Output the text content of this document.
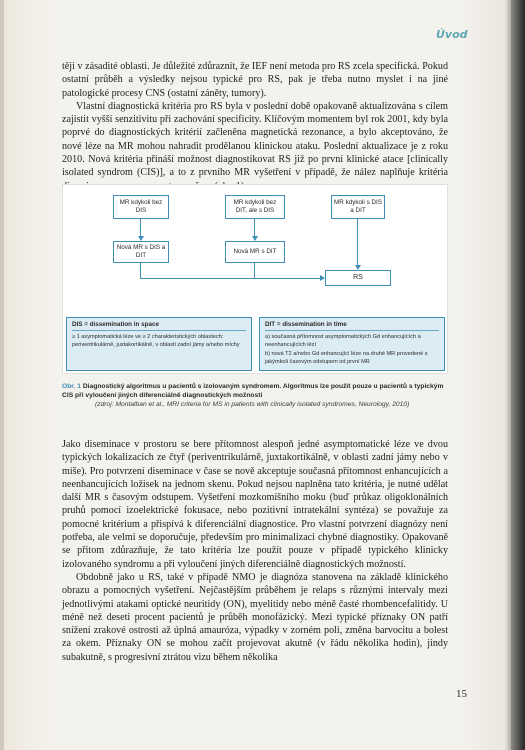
Úvod

těji v zásadité oblasti. Je důležité zdůraznit, že IEF není metoda pro RS zcela specifická. Pokud ostatní průběh a výsledky nejsou typické pro RS, pak je třeba nutno myslet i na jiné patologické procesy CNS (ostatní záněty, tumory).

Vlastní diagnostická kritéria pro RS byla v poslední době opakovaně aktualizována s cílem zajistit vyšší senzitivitu při zachování specificity. Klíčovým momentem byl rok 2001, kdy byla poprvé do diagnostických kritérií začleněna magnetická rezonance, a bylo akceptováno, že nové léze na MR mohou nahradit prodělanou klinickou ataku. Poslední aktualizace je z roku 2010. Nová kritéria přináší možnost diagnostikovat RS již po první klinické atace [clinically isolated syndrom (CIS)], a to z prvního MR vyšetření v případě, že nález naplňuje kritéria

MR kdykoli bez DIS
MR kdykoli bez DIT, ale s DIS
MR kdykoli s DIS a DIT
Nová MR s DIS a DIT
Nová MR s DIT
RS
DIS = dissemination in space
≥ 1 asymptomatická léze ve ≥ 2 charakteristických oblastech: periventrikulárně, juxtakortikálně, v oblasti zadní jámy a/nebo míchy
DIT = dissemination in time
a) současná přítomnost asymptomatických Gd enhancujících a neenhancujících lézí
b) nová T2 a/nebo Gd enhancující léze na druhé MR provedené s jakýmkoli časovým odstupem od první MR
Obr. 1 Diagnostický algoritmus u pacientů s izolovaným syndromem. Algoritmus lze použít pouze u pacientů s typickým CIS při vyloučení jiných diferenciálně diagnostických možností
(zdroj: Montalban et al., MRI criteria for MS in patients with clinically isolated syndromes, Neurology, 2010)

Jako diseminace v prostoru se bere přítomnost alespoň jedné asymptomatické léze ve dvou typických lokalizacích ze čtyř (periventrikulárně, juxtakortikálně, v oblasti zadní jámy nebo v míše). Pro potvrzení diseminace v čase se nově akceptuje současná přítomnost enhancujících a neenhancujících ložisek na jednom skenu. Pokud nejsou naplněna tato kritéria, je nutné udělat další MR s časovým odstupem. Vyšetření mozkomíšního moku (buď průkaz oligoklonálních pruhů pomocí izoelektrické fokusace, nebo pozitivní intratekální syntéza) se považuje za pomocné kritérium a přispívá k diferenciální diagnostice. Pro vlastní potvrzení diagnózy není potřeba, ale velmi se doporučuje, především pro minimalizaci chybné diagnostiky. Opakovaně se přitom zdůrazňuje, že tato kritéria lze použít pouze v případě typického klinicky izolovaného syndromu a při vyloučení jiných diferenciálně diagnostických možností.

Obdobně jako u RS, také v případě NMO je diagnóza stanovena na základě klinického obrazu a pomocných vyšetření. Nejčastějším průběhem je relaps s různými intervaly mezi jednotlivými atakami optické neuritidy (ON), myelitidy nebo méně časté rhombencefalitidy. U méně než deseti procent pacientů je průběh monofázický. Mezi typické příznaky ON patří snížení zrakové ostrosti až úplná amauróza, výpadky v zorném poli, změna barvocitu a bolest za okem. Příznaky ON se mohou začít projevovat akutně (v řádu několika hodin), jindy subakutně, s progresivní ztrátou vizu během několika

15
